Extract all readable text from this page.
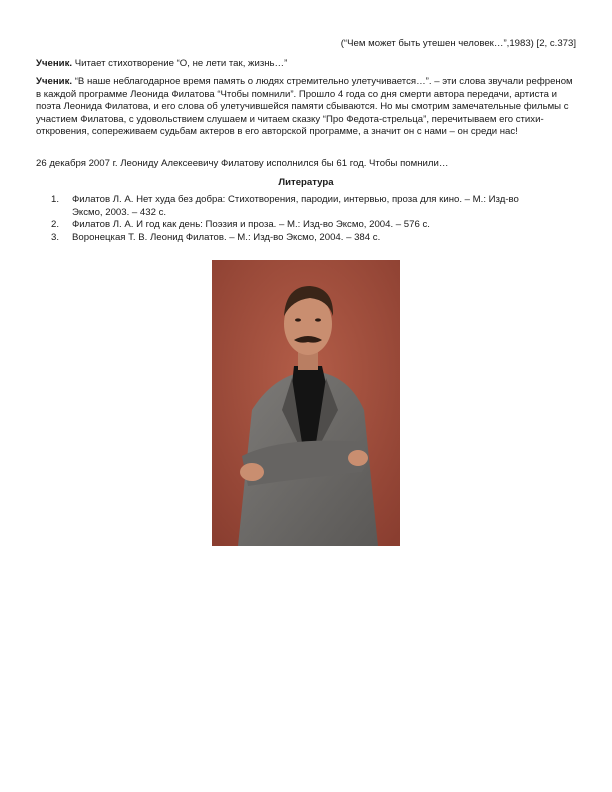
(“Чем может быть утешен человек…”,1983) [2, с.373]

Ученик. Читает стихотворение “О, не лети так, жизнь…”

Ученик. “В наше неблагодарное время память о людях стремительно улетучивается…”. – эти слова звучали рефреном в каждой программе Леонида Филатова “Чтобы помнили”. Прошло 4 года со дня смерти автора передачи, артиста и поэта Леонида Филатова, и его слова об улетучившейся памяти сбываются. Но мы смотрим замечательные фильмы с участием Филатова, с удовольствием слушаем и читаем сказку “Про Федота-стрельца”, перечитываем его стихи-откровения, сопереживаем судьбам актеров в его авторской программе, а значит он с нами – он среди нас!

26 декабря 2007 г. Леониду Алексеевичу Филатову исполнился бы 61 год. Чтобы помнили…

Литература
1. Филатов Л. А. Нет худа без добра: Стихотворения, пародии, интервью, проза для кино. – М.: Изд-во Эксмо, 2003. – 432 с.
2. Филатов Л. А. И год как день: Поэзия и проза. – М.: Изд-во Эксмо, 2004. – 576 с.
3. Воронецкая Т. В. Леонид Филатов. – М.: Изд-во Эксмо, 2004. – 384 с.
